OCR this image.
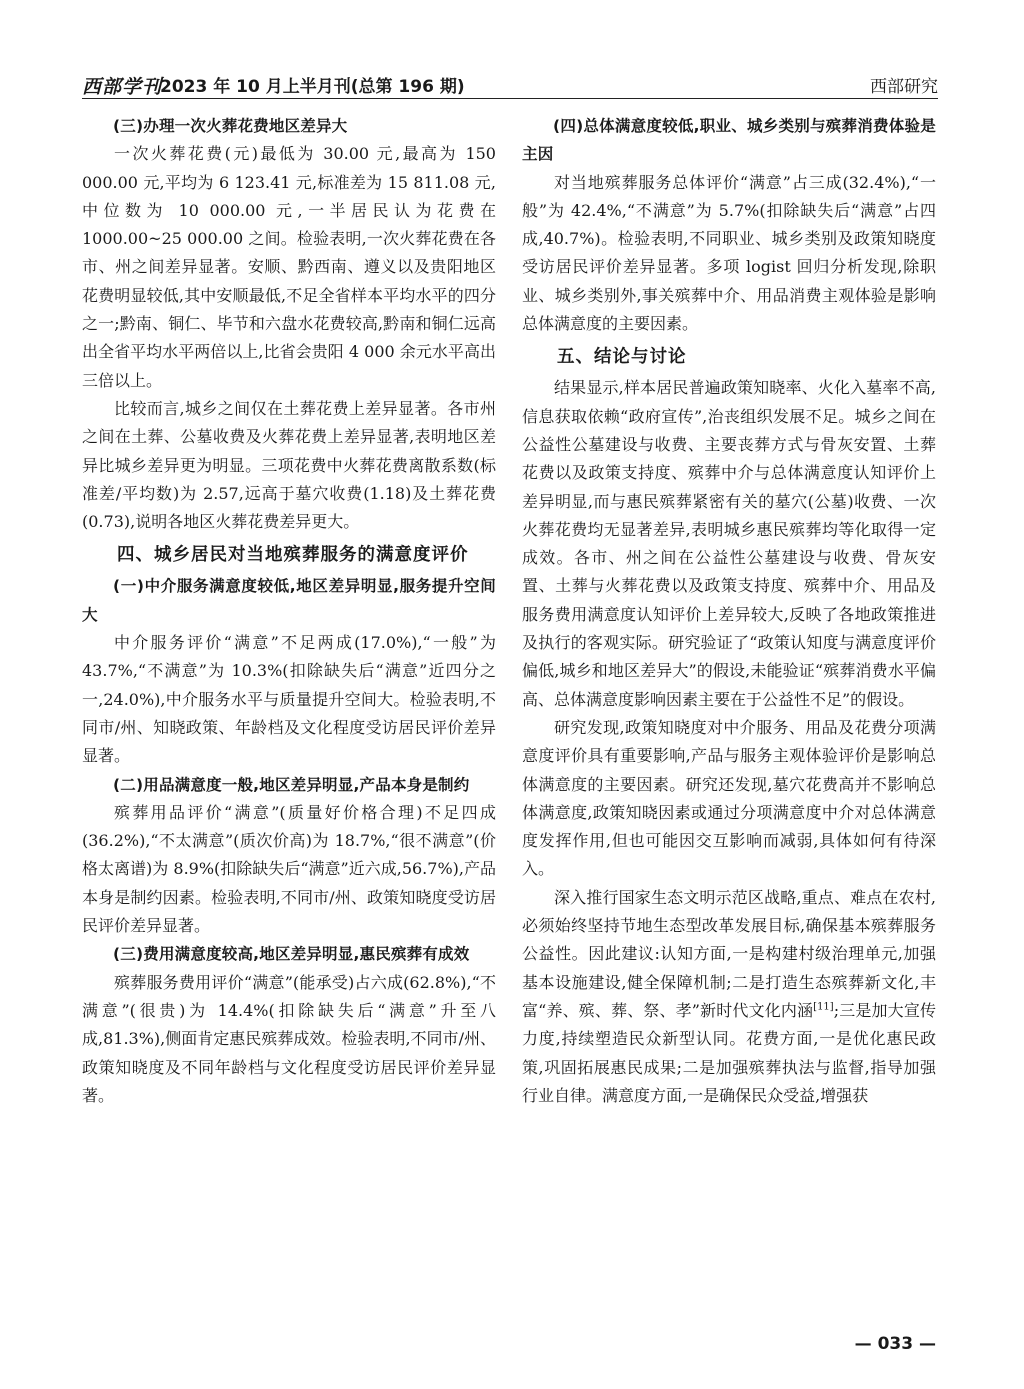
西部学刊
2023 年 10 月上半月刊(总第 196 期)	西部研究

(三)办理一次火葬花费地区差异大

一次火葬花费(元)最低为 30.00 元,最高为 150 000.00 元,平均为 6 123.41 元,标准差为 15 811.08 元,中位数为 10 000.00 元,一半居民认为花费在 1000.00~25 000.00 之间。检验表明,一次火葬花费在各市、州之间差异显著。安顺、黔西南、遵义以及贵阳地区花费明显较低,其中安顺最低,不足全省样本平均水平的四分之一;黔南、铜仁、毕节和六盘水花费较高,黔南和铜仁远高出全省平均水平两倍以上,比省会贵阳 4 000 余元水平高出三倍以上。

比较而言,城乡之间仅在土葬花费上差异显著。各市州之间在土葬、公墓收费及火葬花费上差异显著,表明地区差异比城乡差异更为明显。三项花费中火葬花费离散系数(标准差/平均数)为 2.57,远高于墓穴收费(1.18)及土葬花费(0.73),说明各地区火葬花费差异更大。

四、城乡居民对当地殡葬服务的满意度评价

(一)中介服务满意度较低,地区差异明显,服务提升空间大

中介服务评价“满意”不足两成(17.0%),“一般”为 43.7%,“不满意”为 10.3%(扣除缺失后“满意”近四分之一,24.0%),中介服务水平与质量提升空间大。检验表明,不同市/州、知晓政策、年龄档及文化程度受访居民评价差异显著。

(二)用品满意度一般,地区差异明显,产品本身是制约

殡葬用品评价“满意”(质量好价格合理)不足四成(36.2%),“不太满意”(质次价高)为 18.7%,“很不满意”(价格太离谱)为 8.9%(扣除缺失后“满意”近六成,56.7%),产品本身是制约因素。检验表明,不同市/州、政策知晓度受访居民评价差异显著。

(三)费用满意度较高,地区差异明显,惠民殡葬有成效

殡葬服务费用评价“满意”(能承受)占六成(62.8%),“不满意”(很贵)为 14.4%(扣除缺失后“满意”升至八成,81.3%),侧面肯定惠民殡葬成效。检验表明,不同市/州、政策知晓度及不同年龄档与文化程度受访居民评价差异显著。

(四)总体满意度较低,职业、城乡类别与殡葬消费体验是主因

对当地殡葬服务总体评价“满意”占三成(32.4%),“一般”为 42.4%,“不满意”为 5.7%(扣除缺失后“满意”占四成,40.7%)。检验表明,不同职业、城乡类别及政策知晓度受访居民评价差异显著。多项 logist 回归分析发现,除职业、城乡类别外,事关殡葬中介、用品消费主观体验是影响总体满意度的主要因素。

五、结论与讨论

结果显示,样本居民普遍政策知晓率、火化入墓率不高,信息获取依赖“政府宣传”,治丧组织发展不足。城乡之间在公益性公墓建设与收费、主要丧葬方式与骨灰安置、土葬花费以及政策支持度、殡葬中介与总体满意度认知评价上差异明显,而与惠民殡葬紧密有关的墓穴(公墓)收费、一次火葬花费均无显著差异,表明城乡惠民殡葬均等化取得一定成效。各市、州之间在公益性公墓建设与收费、骨灰安置、土葬与火葬花费以及政策支持度、殡葬中介、用品及服务费用满意度认知评价上差异较大,反映了各地政策推进及执行的客观实际。研究验证了“政策认知度与满意度评价偏低,城乡和地区差异大”的假设,未能验证“殡葬消费水平偏高、总体满意度影响因素主要在于公益性不足”的假设。

研究发现,政策知晓度对中介服务、用品及花费分项满意度评价具有重要影响,产品与服务主观体验评价是影响总体满意度的主要因素。研究还发现,墓穴花费高并不影响总体满意度,政策知晓因素或通过分项满意度中介对总体满意度发挥作用,但也可能因交互影响而减弱,具体如何有待深入。

深入推行国家生态文明示范区战略,重点、难点在农村,必须始终坚持节地生态型改革发展目标,确保基本殡葬服务公益性。因此建议:认知方面,一是构建村级治理单元,加强基本设施建设,健全保障机制;二是打造生态殡葬新文化,丰富“养、殡、葬、祭、孝”新时代文化内涵[11];三是加大宣传力度,持续塑造民众新型认同。花费方面,一是优化惠民政策,巩固拓展惠民成果;二是加强殡葬执法与监督,指导加强行业自律。满意度方面,一是确保民众受益,增强获

— 033 —
